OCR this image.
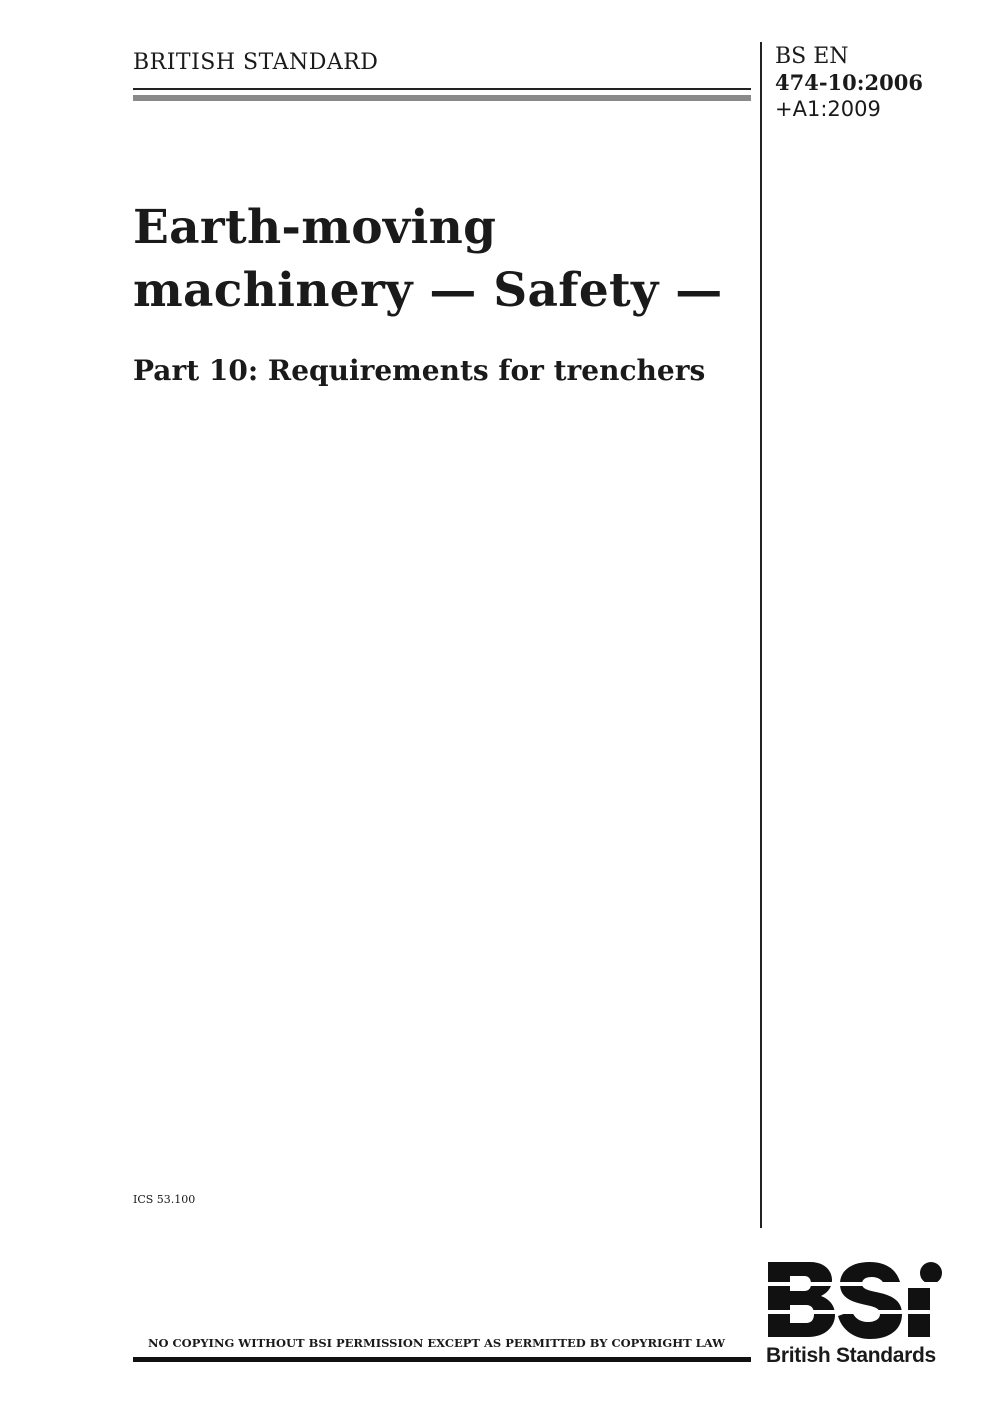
BRITISH STANDARD	BS EN
474-10:2006
+A1:2009
Earth-moving
machinery — Safety —
Part 10: Requirements for trenchers
ICS 53.100
NO COPYING WITHOUT BSI PERMISSION EXCEPT AS PERMITTED BY COPYRIGHT LAW
British Standards
